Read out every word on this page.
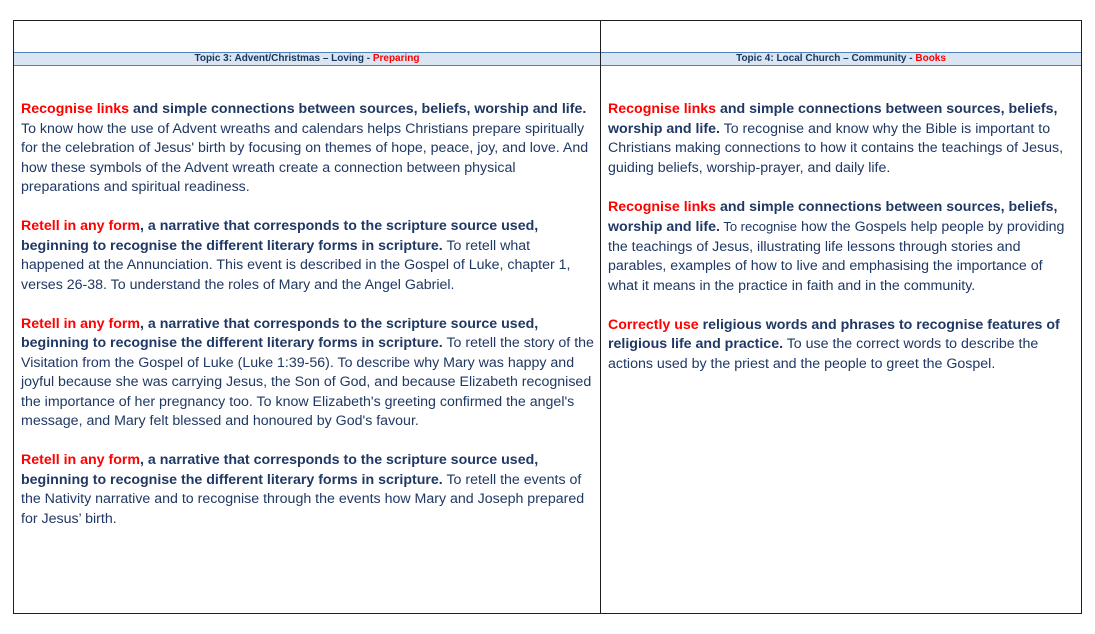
Topic 3: Advent/Christmas – Loving - Preparing

Recognise links and simple connections between sources, beliefs, worship and life. To know how the use of Advent wreaths and calendars helps Christians prepare spiritually for the celebration of Jesus' birth by focusing on themes of hope, peace, joy, and love. And how these symbols of the Advent wreath create a connection between physical preparations and spiritual readiness.

Retell in any form, a narrative that corresponds to the scripture source used, beginning to recognise the different literary forms in scripture. To retell what happened at the Annunciation. This event is described in the Gospel of Luke, chapter 1, verses 26-38. To understand the roles of Mary and the Angel Gabriel.

Retell in any form, a narrative that corresponds to the scripture source used, beginning to recognise the different literary forms in scripture. To retell the story of the Visitation from the Gospel of Luke (Luke 1:39-56). To describe why Mary was happy and joyful because she was carrying Jesus, the Son of God, and because Elizabeth recognised the importance of her pregnancy too. To know Elizabeth's greeting confirmed the angel's message, and Mary felt blessed and honoured by God's favour.

Retell in any form, a narrative that corresponds to the scripture source used, beginning to recognise the different literary forms in scripture. To retell the events of the Nativity narrative and to recognise through the events how Mary and Joseph prepared for Jesus’ birth.

Topic 4: Local Church – Community - Books

Recognise links and simple connections between sources, beliefs, worship and life. To recognise and know why the Bible is important to Christians making connections to how it contains the teachings of Jesus, guiding beliefs, worship-prayer, and daily life.

Recognise links and simple connections between sources, beliefs, worship and life. To recognise how the Gospels help people by providing the teachings of Jesus, illustrating life lessons through stories and parables, examples of how to live and emphasising the importance of what it means in the practice in faith and in the community.

Correctly use religious words and phrases to recognise features of religious life and practice. To use the correct words to describe the actions used by the priest and the people to greet the Gospel.
